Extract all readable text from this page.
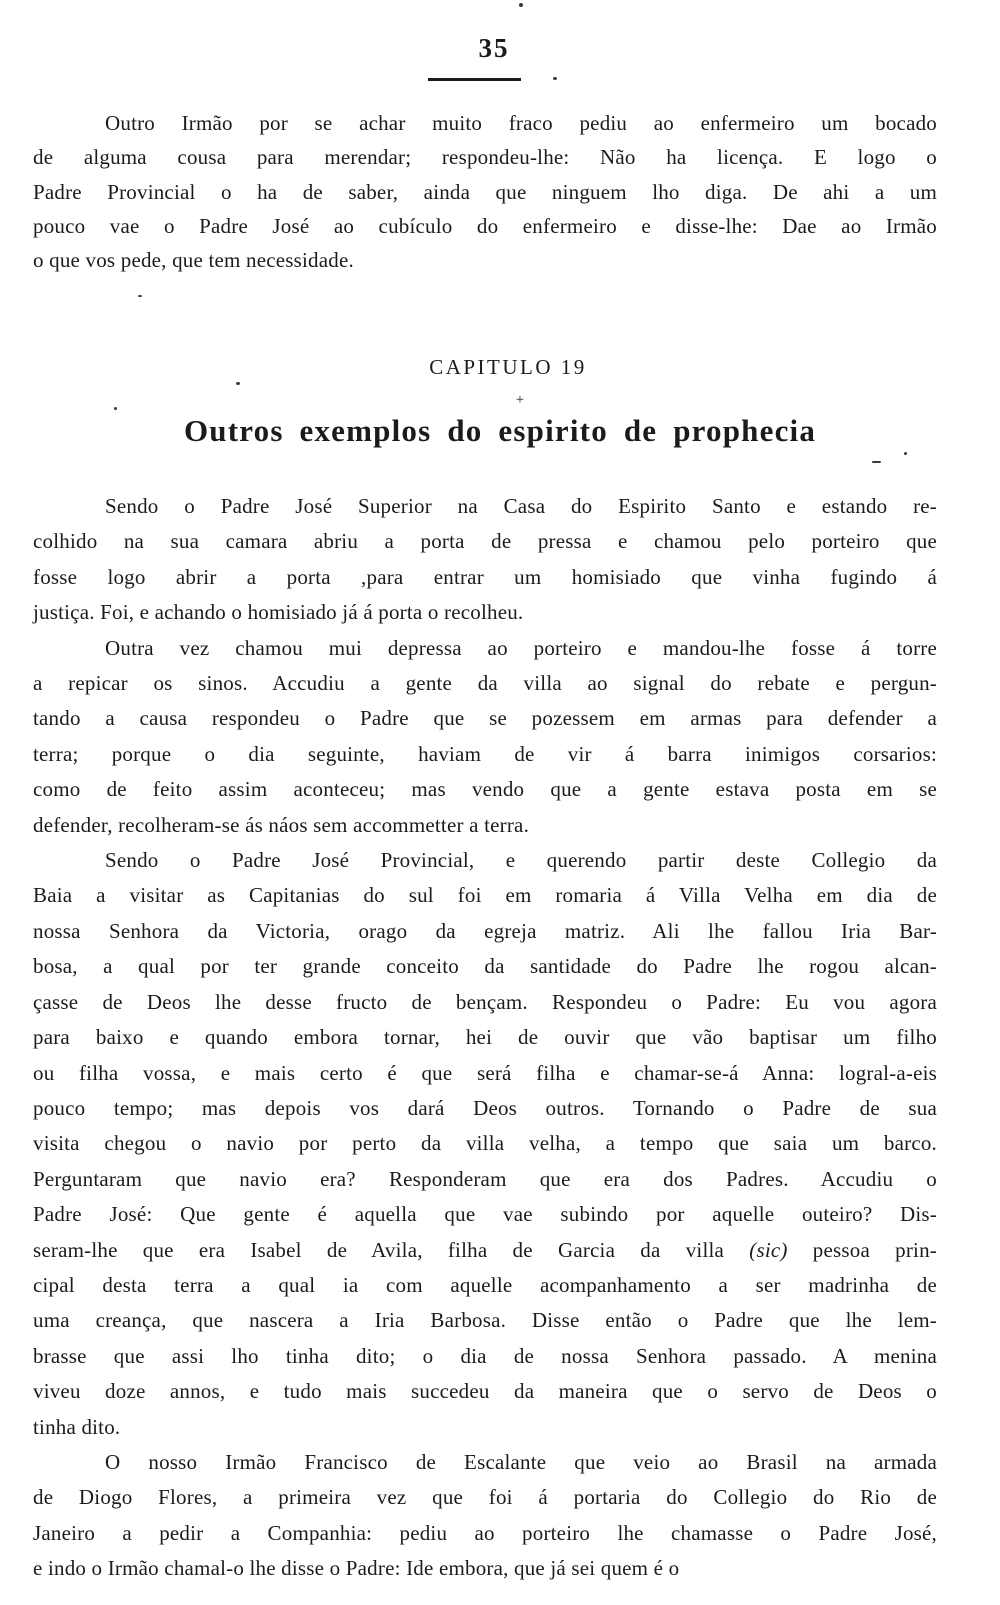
35
Outro Irmão por se achar muito fraco pediu ao enfermeiro um bocado
de alguma cousa para merendar; respondeu-lhe: Não ha licença. E logo o
Padre Provincial o ha de saber, ainda que ninguem lho diga. De ahi a um
pouco vae o Padre José ao cubículo do enfermeiro e disse-lhe: Dae ao Irmão
o que vos pede, que tem necessidade.
CAPITULO 19
+
Outros exemplos do espirito de prophecia
Sendo o Padre José Superior na Casa do Espirito Santo e estando re-
colhido na sua camara abriu a porta de pressa e chamou pelo porteiro que
fosse logo abrir a porta ,para entrar um homisiado que vinha fugindo á
justiça. Foi, e achando o homisiado já á porta o recolheu.
Outra vez chamou mui depressa ao porteiro e mandou-lhe fosse á torre
a repicar os sinos. Accudiu a gente da villa ao signal do rebate e pergun-
tando a causa respondeu o Padre que se pozessem em armas para defender a
terra; porque o dia seguinte, haviam de vir á barra inimigos corsarios:
como de feito assim aconteceu; mas vendo que a gente estava posta em se
defender, recolheram-se ás náos sem accommetter a terra.
Sendo o Padre José Provincial, e querendo partir deste Collegio da
Baia a visitar as Capitanias do sul foi em romaria á Villa Velha em dia de
nossa Senhora da Victoria, orago da egreja matriz. Ali lhe fallou Iria Bar-
bosa, a qual por ter grande conceito da santidade do Padre lhe rogou alcan-
çasse de Deos lhe desse fructo de bençam. Respondeu o Padre: Eu vou agora
para baixo e quando embora tornar, hei de ouvir que vão baptisar um filho
ou filha vossa, e mais certo é que será filha e chamar-se-á Anna: logral-a-eis
pouco tempo; mas depois vos dará Deos outros. Tornando o Padre de sua
visita chegou o navio por perto da villa velha, a tempo que saia um barco.
Perguntaram que navio era? Responderam que era dos Padres. Accudiu o
Padre José: Que gente é aquella que vae subindo por aquelle outeiro? Dis-
seram-lhe que era Isabel de Avila, filha de Garcia da villa (sic) pessoa prin-
cipal desta terra a qual ia com aquelle acompanhamento a ser madrinha de
uma creança, que nascera a Iria Barbosa. Disse então o Padre que lhe lem-
brasse que assi lho tinha dito; o dia de nossa Senhora passado. A menina
viveu doze annos, e tudo mais succedeu da maneira que o servo de Deos o
tinha dito.
O nosso Irmão Francisco de Escalante que veio ao Brasil na armada
de Diogo Flores, a primeira vez que foi á portaria do Collegio do Rio de
Janeiro a pedir a Companhia: pediu ao porteiro lhe chamasse o Padre José,
e indo o Irmão chamal-o lhe disse o Padre: Ide embora, que já sei quem é o
